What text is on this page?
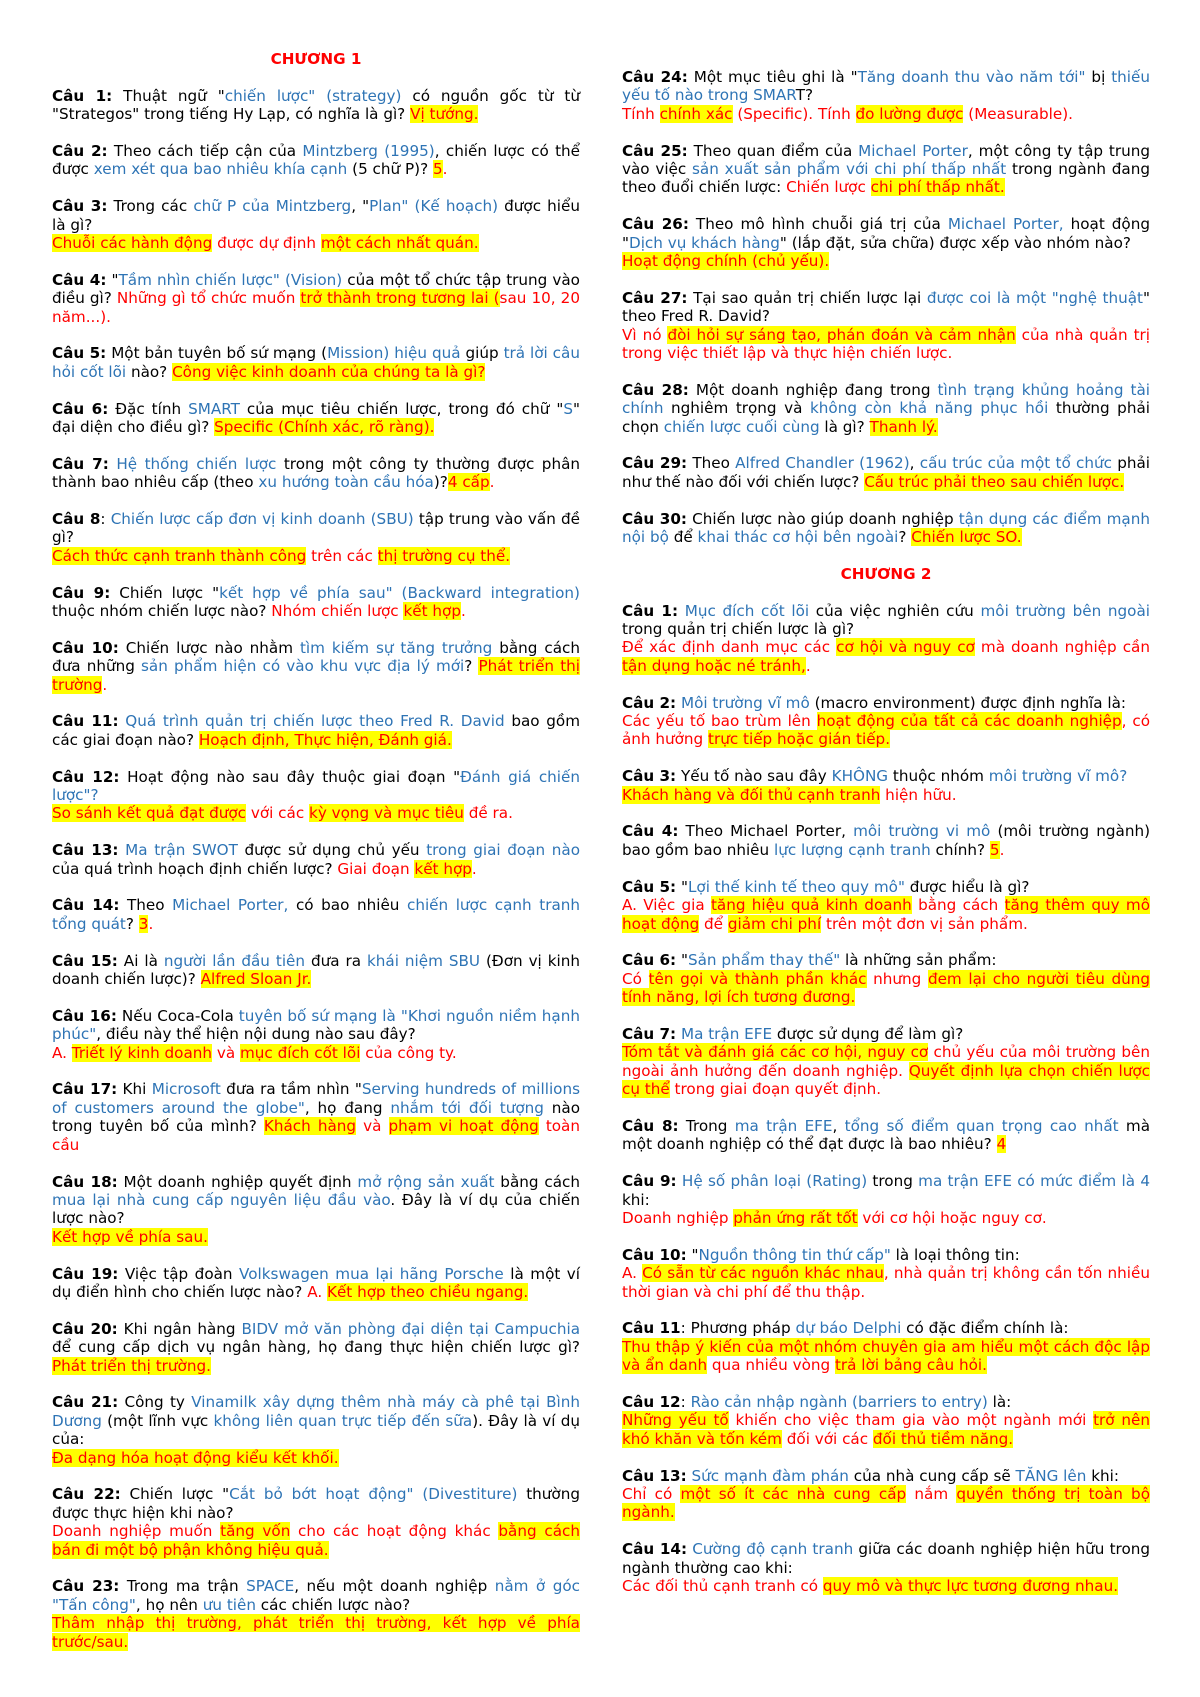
CHƯƠNG 1
Câu 1: Thuật ngữ "chiến lược" (strategy) có nguồn gốc từ từ "Strategos" trong tiếng Hy Lạp, có nghĩa là gì? Vị tướng.
Câu 2: Theo cách tiếp cận của Mintzberg (1995), chiến lược có thể được xem xét qua bao nhiêu khía cạnh (5 chữ P)? 5.
Câu 3: Trong các chữ P của Mintzberg, "Plan" (Kế hoạch) được hiểu là gì?
Chuỗi các hành động được dự định một cách nhất quán.
Câu 4: "Tầm nhìn chiến lược" (Vision) của một tổ chức tập trung vào điều gì? Những gì tổ chức muốn trở thành trong tương lai (sau 10, 20 năm...).
Câu 5: Một bản tuyên bố sứ mạng (Mission) hiệu quả giúp trả lời câu hỏi cốt lõi nào? Công việc kinh doanh của chúng ta là gì?
Câu 6: Đặc tính SMART của mục tiêu chiến lược, trong đó chữ "S" đại diện cho điều gì? Specific (Chính xác, rõ ràng).
Câu 7: Hệ thống chiến lược trong một công ty thường được phân thành bao nhiêu cấp (theo xu hướng toàn cầu hóa)?4 cấp.
Câu 8: Chiến lược cấp đơn vị kinh doanh (SBU) tập trung vào vấn đề gì?
Cách thức cạnh tranh thành công trên các thị trường cụ thể.
Câu 9: Chiến lược "kết hợp về phía sau" (Backward integration) thuộc nhóm chiến lược nào? Nhóm chiến lược kết hợp.
Câu 10: Chiến lược nào nhằm tìm kiếm sự tăng trưởng bằng cách đưa những sản phẩm hiện có vào khu vực địa lý mới? Phát triển thị trường.
Câu 11: Quá trình quản trị chiến lược theo Fred R. David bao gồm các giai đoạn nào? Hoạch định, Thực hiện, Đánh giá.
Câu 12: Hoạt động nào sau đây thuộc giai đoạn "Đánh giá chiến lược"?
So sánh kết quả đạt được với các kỳ vọng và mục tiêu đề ra.
Câu 13: Ma trận SWOT được sử dụng chủ yếu trong giai đoạn nào của quá trình hoạch định chiến lược? Giai đoạn kết hợp.
Câu 14: Theo Michael Porter, có bao nhiêu chiến lược cạnh tranh tổng quát? 3.
Câu 15: Ai là người lần đầu tiên đưa ra khái niệm SBU (Đơn vị kinh doanh chiến lược)? Alfred Sloan Jr.
Câu 16: Nếu Coca-Cola tuyên bố sứ mạng là "Khơi nguồn niềm hạnh phúc", điều này thể hiện nội dung nào sau đây?
A. Triết lý kinh doanh và mục đích cốt lõi của công ty.
Câu 17: Khi Microsoft đưa ra tầm nhìn "Serving hundreds of millions of customers around the globe", họ đang nhắm tới đối tượng nào trong tuyên bố của mình? Khách hàng và phạm vi hoạt động toàn cầu
Câu 18: Một doanh nghiệp quyết định mở rộng sản xuất bằng cách mua lại nhà cung cấp nguyên liệu đầu vào. Đây là ví dụ của chiến lược nào?
Kết hợp về phía sau.
Câu 19: Việc tập đoàn Volkswagen mua lại hãng Porsche là một ví dụ điển hình cho chiến lược nào? A. Kết hợp theo chiều ngang.
Câu 20: Khi ngân hàng BIDV mở văn phòng đại diện tại Campuchia để cung cấp dịch vụ ngân hàng, họ đang thực hiện chiến lược gì? Phát triển thị trường.
Câu 21: Công ty Vinamilk xây dựng thêm nhà máy cà phê tại Bình Dương (một lĩnh vực không liên quan trực tiếp đến sữa). Đây là ví dụ của:
Đa dạng hóa hoạt động kiểu kết khối.
Câu 22: Chiến lược "Cắt bỏ bớt hoạt động" (Divestiture) thường được thực hiện khi nào?
Doanh nghiệp muốn tăng vốn cho các hoạt động khác bằng cách bán đi một bộ phận không hiệu quả.
Câu 23: Trong ma trận SPACE, nếu một doanh nghiệp nằm ở góc "Tấn công", họ nên ưu tiên các chiến lược nào?
Thâm nhập thị trường, phát triển thị trường, kết hợp về phía trước/sau.
Câu 24: Một mục tiêu ghi là "Tăng doanh thu vào năm tới" bị thiếu yếu tố nào trong SMART?
Tính chính xác (Specific). Tính đo lường được (Measurable).
Câu 25: Theo quan điểm của Michael Porter, một công ty tập trung vào việc sản xuất sản phẩm với chi phí thấp nhất trong ngành đang theo đuổi chiến lược: Chiến lược chi phí thấp nhất.
Câu 26: Theo mô hình chuỗi giá trị của Michael Porter, hoạt động "Dịch vụ khách hàng" (lắp đặt, sửa chữa) được xếp vào nhóm nào?
Hoạt động chính (chủ yếu).
Câu 27: Tại sao quản trị chiến lược lại được coi là một "nghệ thuật" theo Fred R. David?
Vì nó đòi hỏi sự sáng tạo, phán đoán và cảm nhận của nhà quản trị trong việc thiết lập và thực hiện chiến lược.
Câu 28: Một doanh nghiệp đang trong tình trạng khủng hoảng tài chính nghiêm trọng và không còn khả năng phục hồi thường phải chọn chiến lược cuối cùng là gì? Thanh lý.
Câu 29: Theo Alfred Chandler (1962), cấu trúc của một tổ chức phải như thế nào đối với chiến lược? Cấu trúc phải theo sau chiến lược.
Câu 30: Chiến lược nào giúp doanh nghiệp tận dụng các điểm mạnh nội bộ để khai thác cơ hội bên ngoài? Chiến lược SO.
CHƯƠNG 2
Câu 1: Mục đích cốt lõi của việc nghiên cứu môi trường bên ngoài trong quản trị chiến lược là gì?
Để xác định danh mục các cơ hội và nguy cơ mà doanh nghiệp cần tận dụng hoặc né tránh,.
Câu 2: Môi trường vĩ mô (macro environment) được định nghĩa là:
Các yếu tố bao trùm lên hoạt động của tất cả các doanh nghiệp, có ảnh hưởng trực tiếp hoặc gián tiếp.
Câu 3: Yếu tố nào sau đây KHÔNG thuộc nhóm môi trường vĩ mô?
Khách hàng và đối thủ cạnh tranh hiện hữu.
Câu 4: Theo Michael Porter, môi trường vi mô (môi trường ngành) bao gồm bao nhiêu lực lượng cạnh tranh chính? 5.
Câu 5: "Lợi thế kinh tế theo quy mô" được hiểu là gì?
A. Việc gia tăng hiệu quả kinh doanh bằng cách tăng thêm quy mô hoạt động để giảm chi phí trên một đơn vị sản phẩm.
Câu 6: "Sản phẩm thay thế" là những sản phẩm:
Có tên gọi và thành phần khác nhưng đem lại cho người tiêu dùng tính năng, lợi ích tương đương.
Câu 7: Ma trận EFE được sử dụng để làm gì?
Tóm tắt và đánh giá các cơ hội, nguy cơ chủ yếu của môi trường bên ngoài ảnh hưởng đến doanh nghiệp. Quyết định lựa chọn chiến lược cụ thể trong giai đoạn quyết định.
Câu 8: Trong ma trận EFE, tổng số điểm quan trọng cao nhất mà một doanh nghiệp có thể đạt được là bao nhiêu? 4
Câu 9: Hệ số phân loại (Rating) trong ma trận EFE có mức điểm là 4 khi:
Doanh nghiệp phản ứng rất tốt với cơ hội hoặc nguy cơ.
Câu 10: "Nguồn thông tin thứ cấp" là loại thông tin:
A. Có sẵn từ các nguồn khác nhau, nhà quản trị không cần tốn nhiều thời gian và chi phí để thu thập.
Câu 11: Phương pháp dự báo Delphi có đặc điểm chính là:
Thu thập ý kiến của một nhóm chuyên gia am hiểu một cách độc lập và ẩn danh qua nhiều vòng trả lời bảng câu hỏi.
Câu 12: Rào cản nhập ngành (barriers to entry) là:
Những yếu tố khiến cho việc tham gia vào một ngành mới trở nên khó khăn và tốn kém đối với các đối thủ tiềm năng.
Câu 13: Sức mạnh đàm phán của nhà cung cấp sẽ TĂNG lên khi:
Chỉ có một số ít các nhà cung cấp nắm quyền thống trị toàn bộ ngành.
Câu 14: Cường độ cạnh tranh giữa các doanh nghiệp hiện hữu trong ngành thường cao khi:
Các đối thủ cạnh tranh có quy mô và thực lực tương đương nhau.
